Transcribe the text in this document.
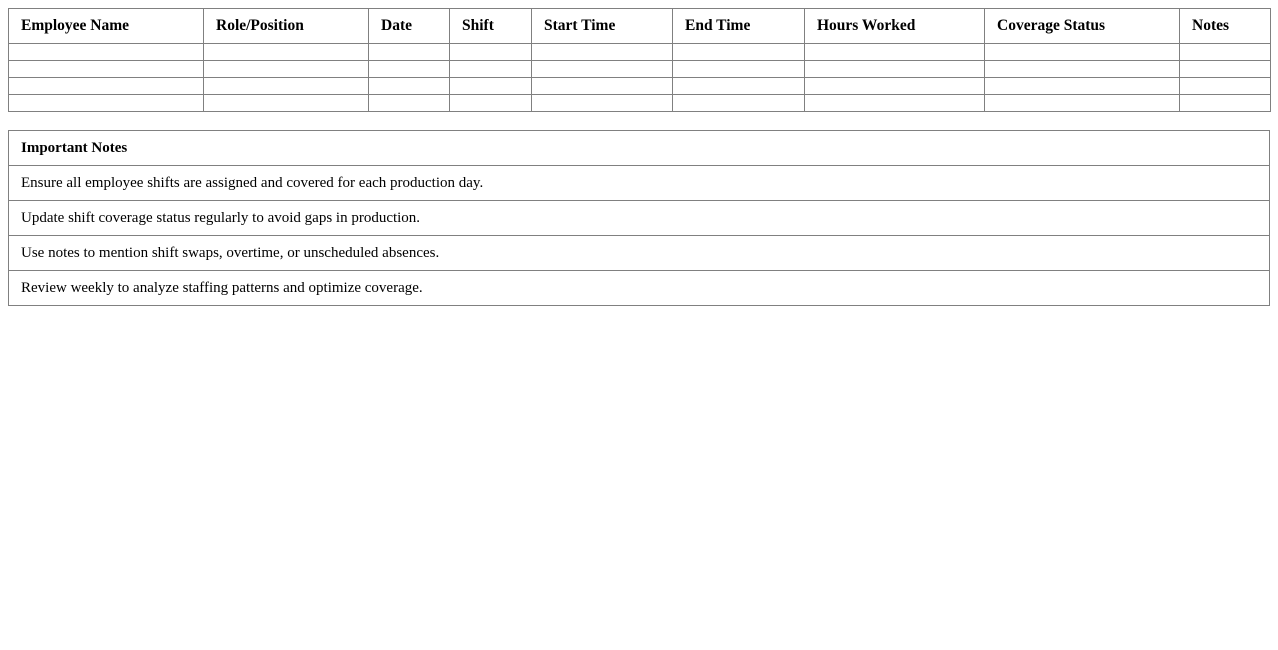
Employee Name	Role/Position	Date	Shift	Start Time	End Time	Hours Worked	Coverage Status	Notes

Important Notes
Ensure all employee shifts are assigned and covered for each production day.
Update shift coverage status regularly to avoid gaps in production.
Use notes to mention shift swaps, overtime, or unscheduled absences.
Review weekly to analyze staffing patterns and optimize coverage.
